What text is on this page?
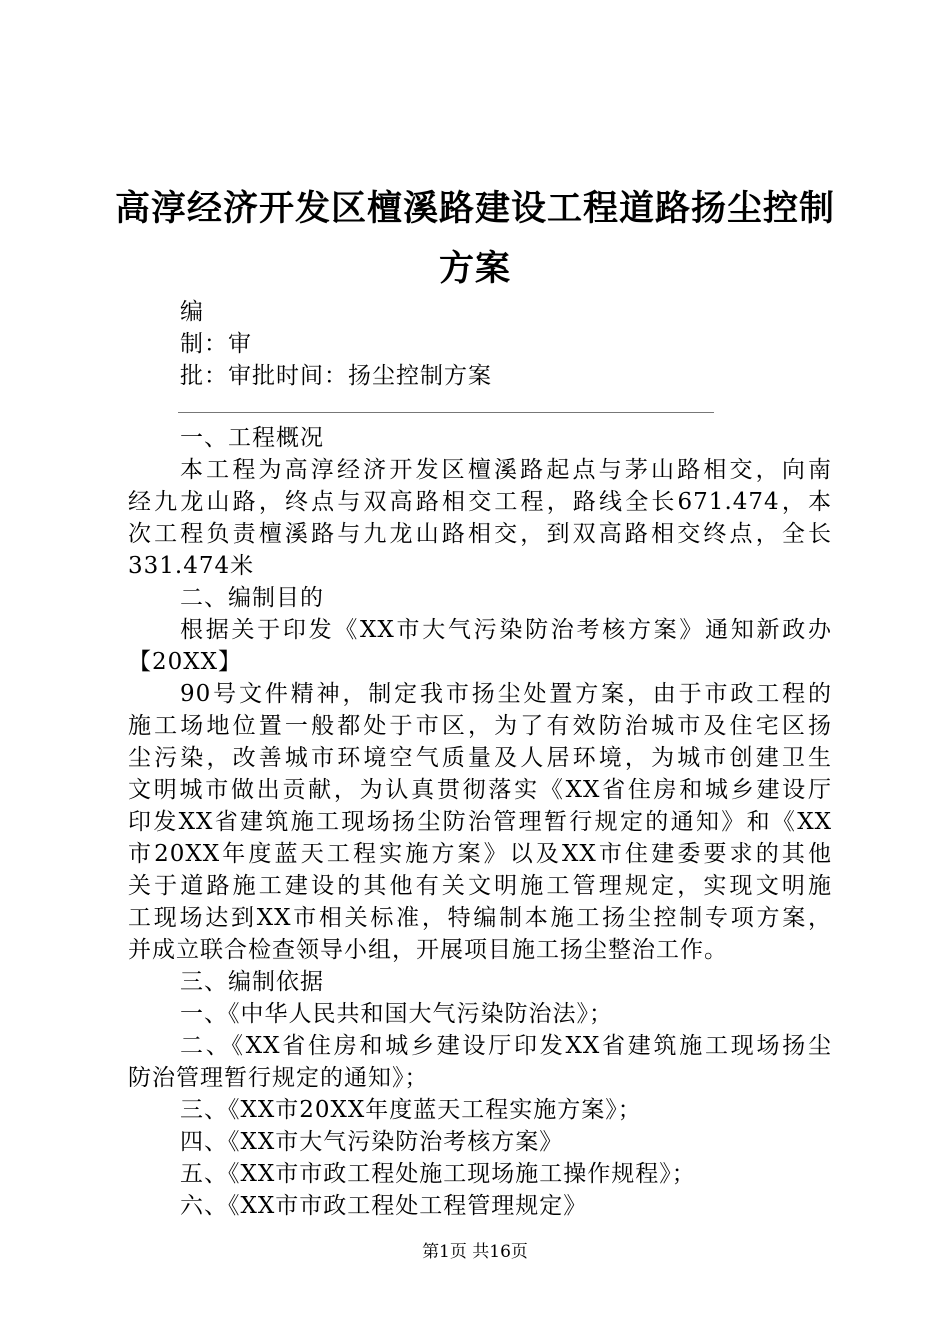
高淳经济开发区檀溪路建设工程道路扬尘控制
方案
编
制：审
批：审批时间：扬尘控制方案
一、工程概况
本工程为高淳经济开发区檀溪路起点与茅山路相交，向南
经九龙山路，终点与双高路相交工程，路线全长671.474，本
次工程负责檀溪路与九龙山路相交，到双高路相交终点，全长
331.474米
二、编制目的
根据关于印发《XX市大气污染防治考核方案》通知新政办
【20XX】
90号文件精神，制定我市扬尘处置方案，由于市政工程的
施工场地位置一般都处于市区，为了有效防治城市及住宅区扬
尘污染，改善城市环境空气质量及人居环境，为城市创建卫生
文明城市做出贡献，为认真贯彻落实《XX省住房和城乡建设厅
印发XX省建筑施工现场扬尘防治管理暂行规定的通知》和《XX
市20XX年度蓝天工程实施方案》以及XX市住建委要求的其他
关于道路施工建设的其他有关文明施工管理规定，实现文明施
工现场达到XX市相关标准，特编制本施工扬尘控制专项方案，
并成立联合检查领导小组，开展项目施工扬尘整治工作。
三、编制依据
一、《中华人民共和国大气污染防治法》；
二、《XX省住房和城乡建设厅印发XX省建筑施工现场扬尘
防治管理暂行规定的通知》；
三、《XX市20XX年度蓝天工程实施方案》；
四、《XX市大气污染防治考核方案》
五、《XX市市政工程处施工现场施工操作规程》；
六、《XX市市政工程处工程管理规定》
第1页 共16页
